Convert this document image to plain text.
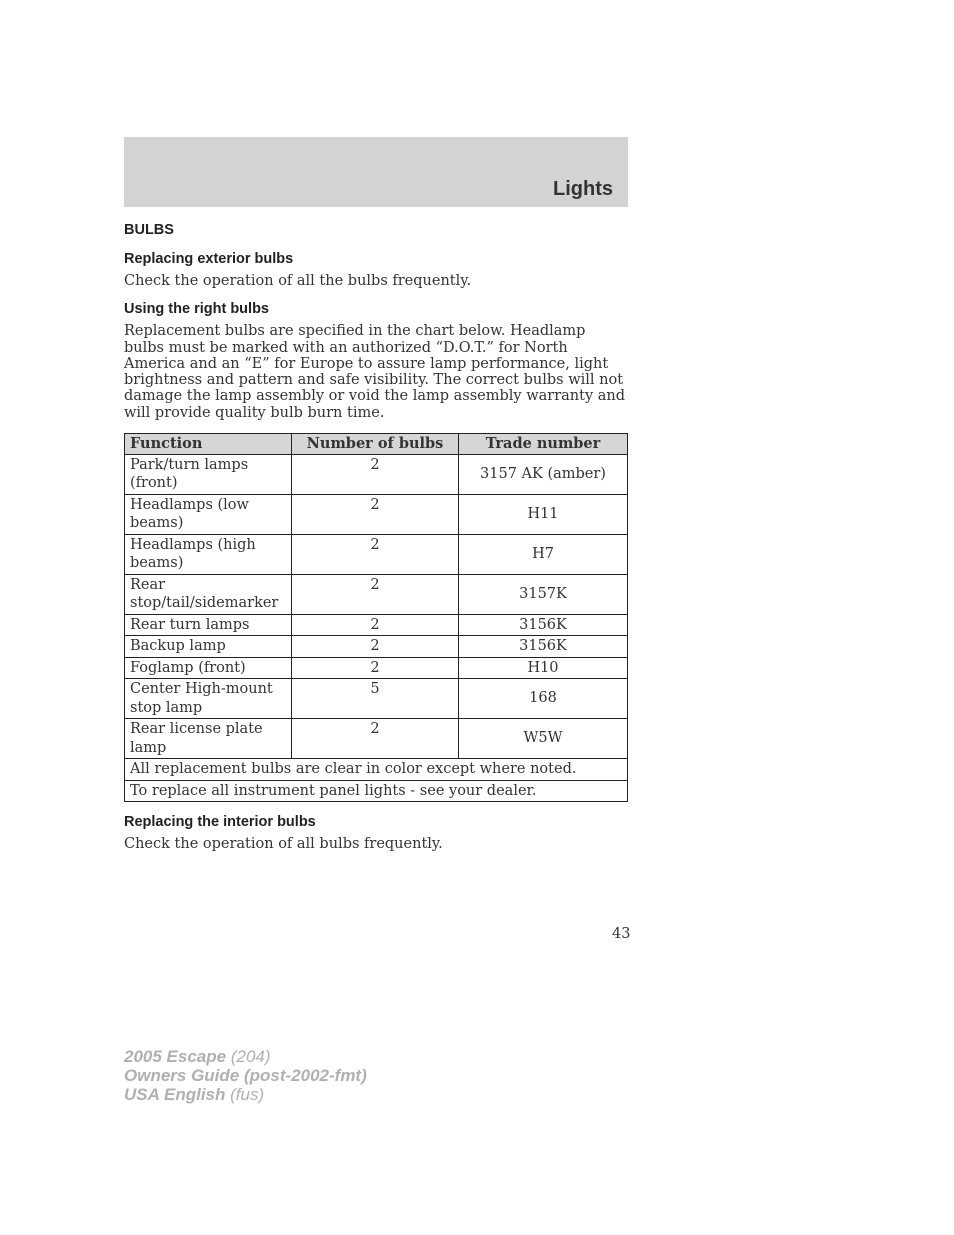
Lights
BULBS
Replacing exterior bulbs

Check the operation of all the bulbs frequently.

Using the right bulbs

Replacement bulbs are specified in the chart below. Headlamp bulbs must be marked with an authorized “D.O.T.” for North America and an “E” for Europe to assure lamp performance, light brightness and pattern and safe visibility. The correct bulbs will not damage the lamp assembly or void the lamp assembly warranty and will provide quality bulb burn time.

Function	Number of bulbs	Trade number
Park/turn lamps (front)	2	3157 AK (amber)
Headlamps (low beams)	2	H11
Headlamps (high beams)	2	H7
Rear stop/tail/sidemarker	2	3157K
Rear turn lamps	2	3156K
Backup lamp	2	3156K
Foglamp (front)	2	H10
Center High-mount stop lamp	5	168
Rear license plate lamp	2	W5W
All replacement bulbs are clear in color except where noted.		
To replace all instrument panel lights - see your dealer.		
Replacing the interior bulbs

Check the operation of all bulbs frequently.

43
2005 Escape (204)
Owners Guide (post-2002-fmt)
USA English (fus)
